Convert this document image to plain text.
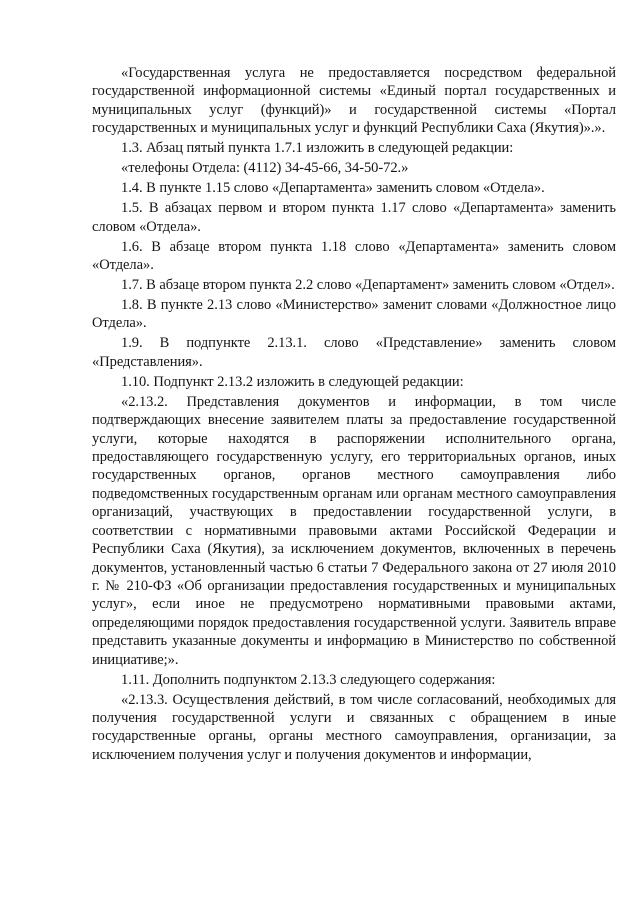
«Государственная услуга не предоставляется посредством федеральной государственной информационной системы «Единый портал государственных и муниципальных услуг (функций)» и государственной системы «Портал государственных и муниципальных услуг и функций Республики Саха (Якутия)».».

1.3. Абзац пятый пункта 1.7.1 изложить в следующей редакции:

«телефоны Отдела: (4112) 34-45-66, 34-50-72.»

1.4. В пункте 1.15 слово «Департамента» заменить словом «Отдела».

1.5. В абзацах первом и втором пункта 1.17 слово «Департамента» заменить словом «Отдела».

1.6. В абзаце втором пункта 1.18 слово «Департамента» заменить словом «Отдела».

1.7. В абзаце втором пункта 2.2 слово «Департамент» заменить словом «Отдел».

1.8. В пункте 2.13 слово «Министерство» заменит словами «Должностное лицо Отдела».

1.9. В подпункте 2.13.1. слово «Представление» заменить словом «Представления».

1.10. Подпункт 2.13.2 изложить в следующей редакции:

«2.13.2. Представления документов и информации, в том числе подтверждающих внесение заявителем платы за предоставление государственной услуги, которые находятся в распоряжении исполнительного органа, предоставляющего государственную услугу, его территориальных органов, иных государственных органов, органов местного самоуправления либо подведомственных государственным органам или органам местного самоуправления организаций, участвующих в предоставлении государственной услуги, в соответствии с нормативными правовыми актами Российской Федерации и Республики Саха (Якутия), за исключением документов, включенных в перечень документов, установленный частью 6 статьи 7 Федерального закона от 27 июля 2010 г. № 210-ФЗ «Об организации предоставления государственных и муниципальных услуг», если иное не предусмотрено нормативными правовыми актами, определяющими порядок предоставления государственной услуги. Заявитель вправе представить указанные документы и информацию в Министерство по собственной инициативе;».

1.11. Дополнить подпунктом 2.13.3 следующего содержания:

«2.13.3. Осуществления действий, в том числе согласований, необходимых для получения государственной услуги и связанных с обращением в иные государственные органы, органы местного самоуправления, организации, за исключением получения услуг и получения документов и информации,
